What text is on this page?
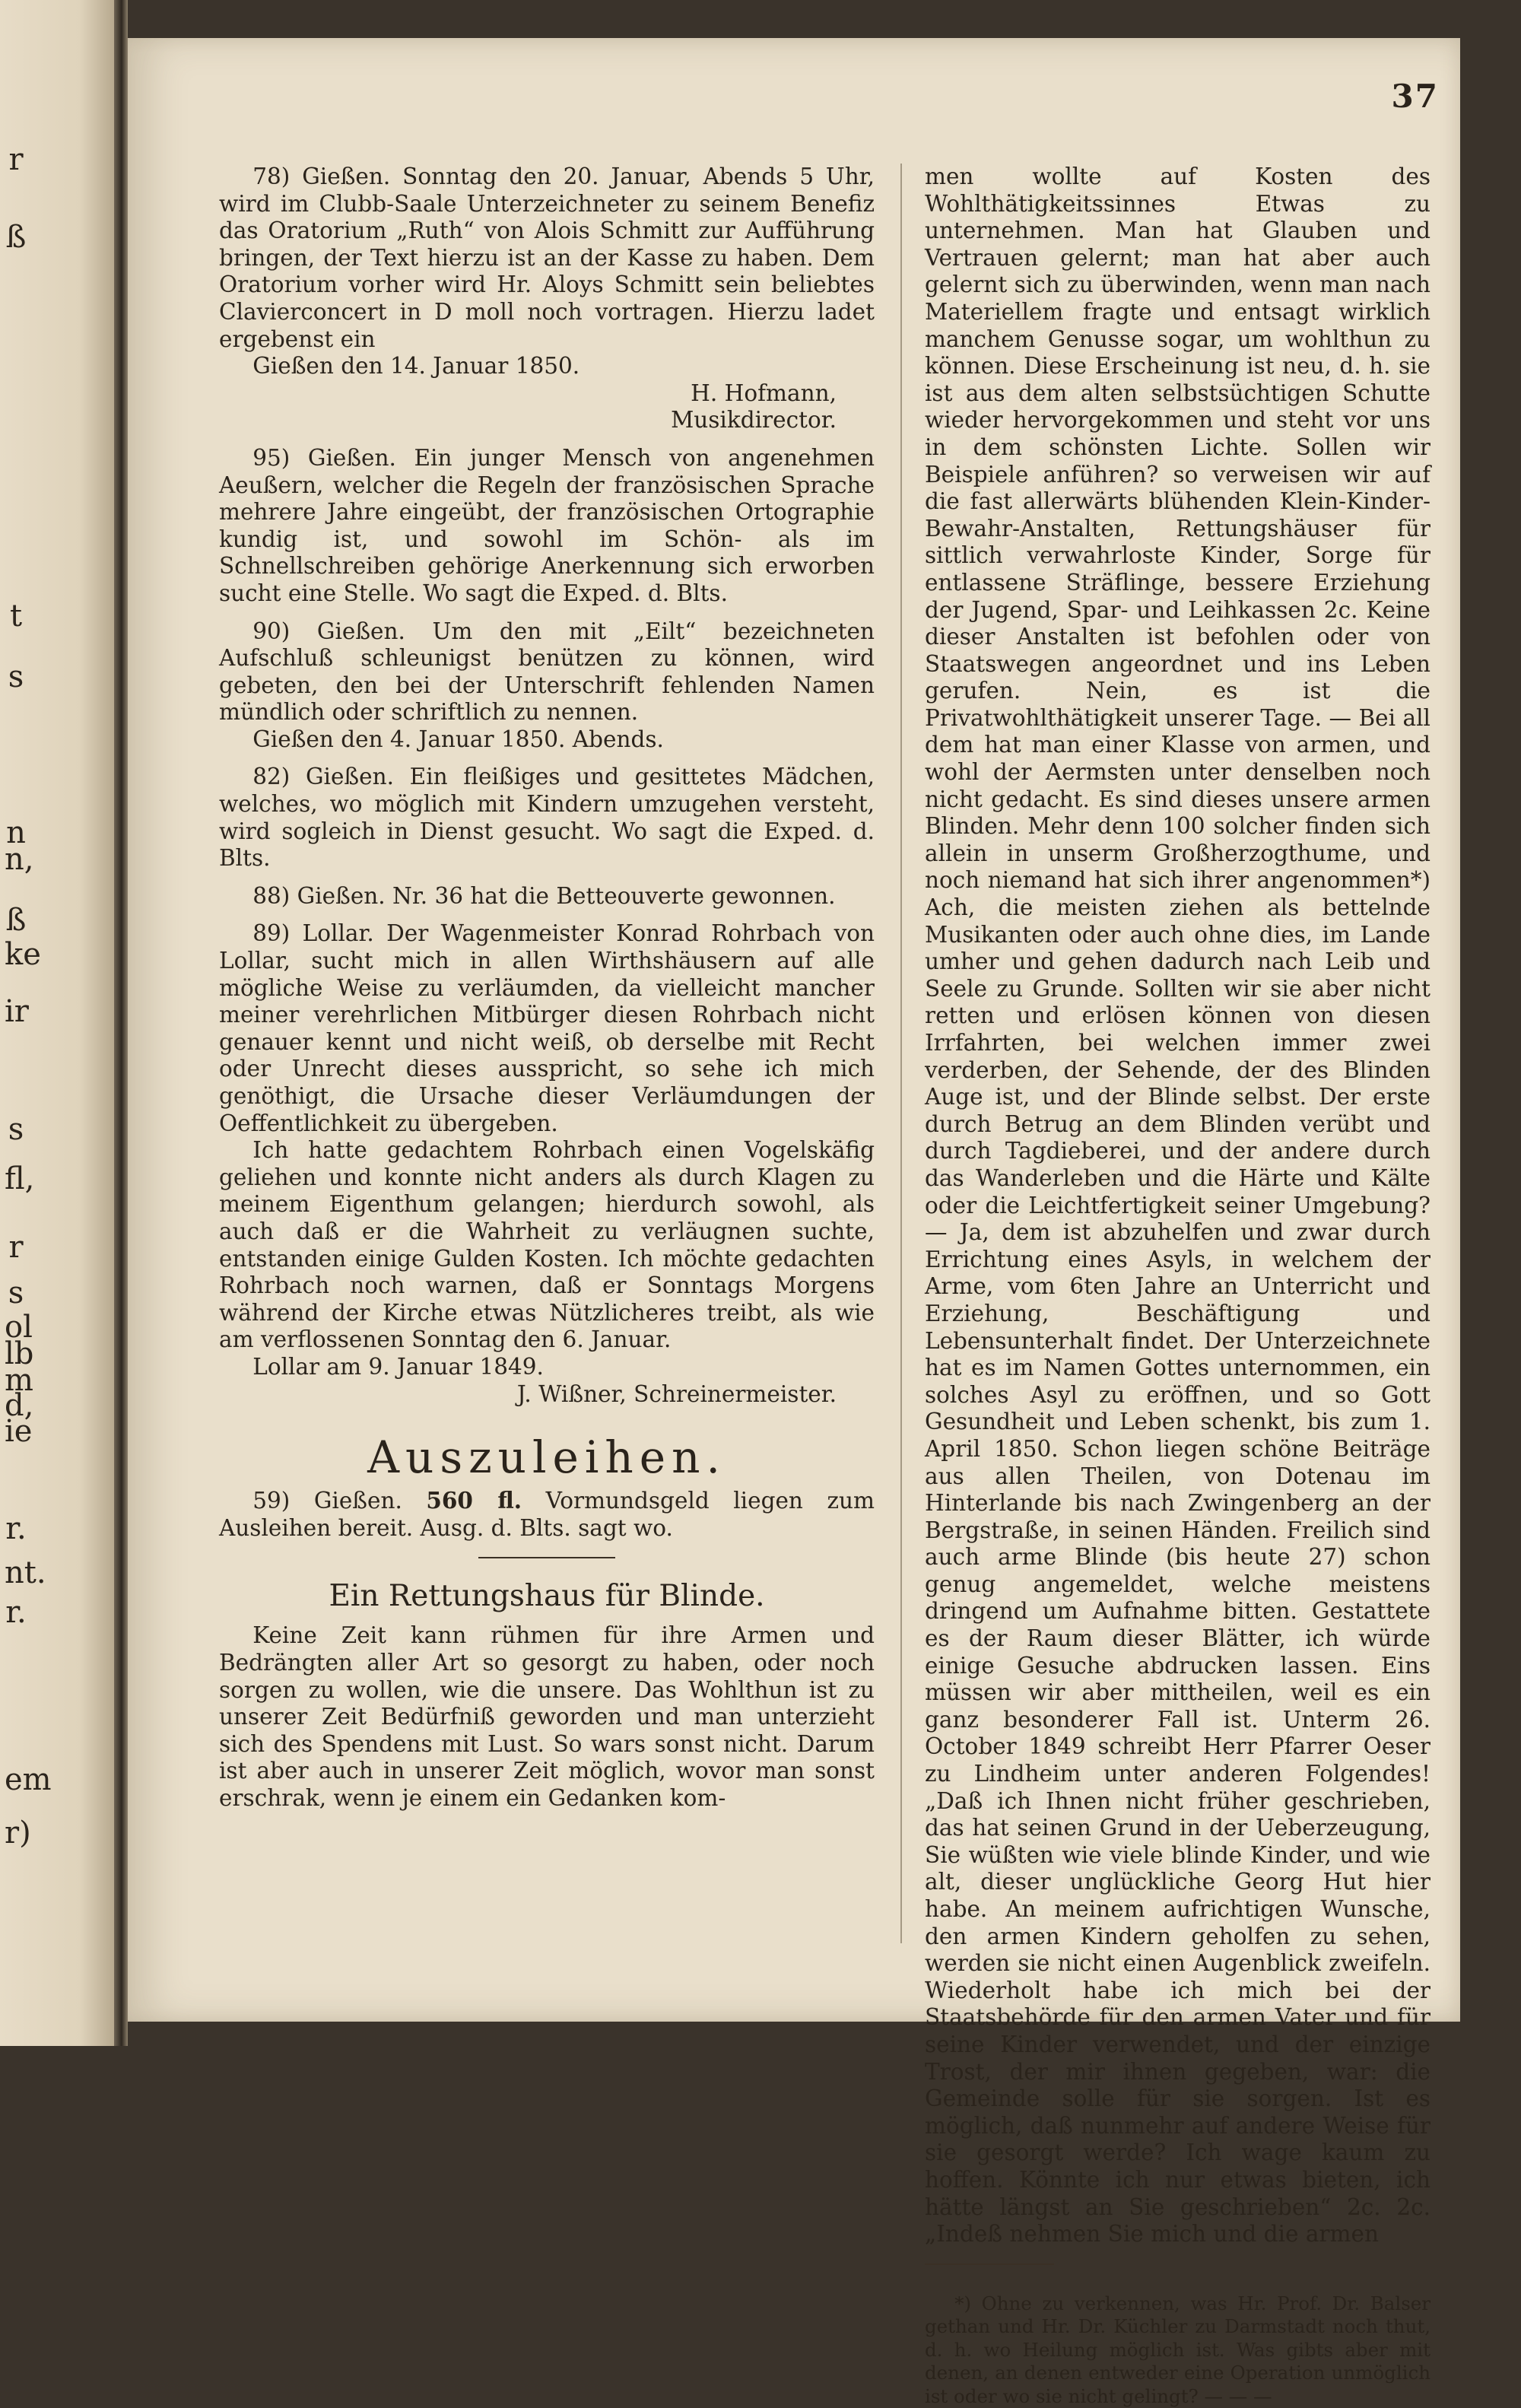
r
ß
t
s
n
n,
ß
ke
ir
s
fl,
r
s
ol
lb
m
d,
ie
r.
nt.
r.
em
r)
37

78) Gießen. Sonntag den 20. Januar, Abends 5 Uhr, wird im Clubb-Saale Unterzeichneter zu seinem Benefiz das Oratorium „Ruth“ von Alois Schmitt zur Aufführung bringen, der Text hierzu ist an der Kasse zu haben. Dem Oratorium vorher wird Hr. Aloys Schmitt sein beliebtes Clavierconcert in D moll noch vortragen. Hierzu ladet ergebenst ein

Gießen den 14. Januar 1850.

H. Hofmann,

Musikdirector.

95) Gießen. Ein junger Mensch von angenehmen Aeußern, welcher die Regeln der französischen Sprache mehrere Jahre eingeübt, der französischen Ortographie kundig ist, und sowohl im Schön- als im Schnellschreiben gehörige Anerkennung sich erworben sucht eine Stelle. Wo sagt die Exped. d. Blts.

90) Gießen. Um den mit „Eilt“ bezeichneten Aufschluß schleunigst benützen zu können, wird gebeten, den bei der Unterschrift fehlenden Namen mündlich oder schriftlich zu nennen.

Gießen den 4. Januar 1850. Abends.

82) Gießen. Ein fleißiges und gesittetes Mädchen, welches, wo möglich mit Kindern umzugehen versteht, wird sogleich in Dienst gesucht. Wo sagt die Exped. d. Blts.

88) Gießen. Nr. 36 hat die Betteouverte gewonnen.

89) Lollar. Der Wagenmeister Konrad Rohrbach von Lollar, sucht mich in allen Wirthshäusern auf alle mögliche Weise zu verläumden, da vielleicht mancher meiner verehrlichen Mitbürger diesen Rohrbach nicht genauer kennt und nicht weiß, ob derselbe mit Recht oder Unrecht dieses ausspricht, so sehe ich mich genöthigt, die Ursache dieser Verläumdungen der Oeffentlichkeit zu übergeben.

Ich hatte gedachtem Rohrbach einen Vogelskäfig geliehen und konnte nicht anders als durch Klagen zu meinem Eigenthum gelangen; hierdurch sowohl, als auch daß er die Wahrheit zu verläugnen suchte, entstanden einige Gulden Kosten. Ich möchte gedachten Rohrbach noch warnen, daß er Sonntags Morgens während der Kirche etwas Nützlicheres treibt, als wie am verflossenen Sonntag den 6. Januar.

Lollar am 9. Januar 1849.

J. Wißner, Schreinermeister.

Auszuleihen.

59) Gießen. 560 fl. Vormundsgeld liegen zum Ausleihen bereit. Ausg. d. Blts. sagt wo.

Ein Rettungshaus für Blinde.

Keine Zeit kann rühmen für ihre Armen und Bedrängten aller Art so gesorgt zu haben, oder noch sorgen zu wollen, wie die unsere. Das Wohlthun ist zu unserer Zeit Bedürfniß geworden und man unterzieht sich des Spendens mit Lust. So wars sonst nicht. Darum ist aber auch in unserer Zeit möglich, wovor man sonst erschrak, wenn je einem ein Gedanken kom-

men wollte auf Kosten des Wohlthätigkeitssinnes Etwas zu unternehmen. Man hat Glauben und Vertrauen gelernt; man hat aber auch gelernt sich zu überwinden, wenn man nach Materiellem fragte und entsagt wirklich manchem Genusse sogar, um wohlthun zu können. Diese Erscheinung ist neu, d. h. sie ist aus dem alten selbstsüchtigen Schutte wieder hervorgekommen und steht vor uns in dem schönsten Lichte. Sollen wir Beispiele anführen? so verweisen wir auf die fast allerwärts blühenden Klein-Kinder-Bewahr-Anstalten, Rettungshäuser für sittlich verwahrloste Kinder, Sorge für entlassene Sträflinge, bessere Erziehung der Jugend, Spar- und Leihkassen 2c. Keine dieser Anstalten ist befohlen oder von Staatswegen angeordnet und ins Leben gerufen. Nein, es ist die Privatwohlthätigkeit unserer Tage. — Bei all dem hat man einer Klasse von armen, und wohl der Aermsten unter denselben noch nicht gedacht. Es sind dieses unsere armen Blinden. Mehr denn 100 solcher finden sich allein in unserm Großherzogthume, und noch niemand hat sich ihrer angenommen*) Ach, die meisten ziehen als bettelnde Musikanten oder auch ohne dies, im Lande umher und gehen dadurch nach Leib und Seele zu Grunde. Sollten wir sie aber nicht retten und erlösen können von diesen Irrfahrten, bei welchen immer zwei verderben, der Sehende, der des Blinden Auge ist, und der Blinde selbst. Der erste durch Betrug an dem Blinden verübt und durch Tagdieberei, und der andere durch das Wanderleben und die Härte und Kälte oder die Leichtfertigkeit seiner Umgebung? — Ja, dem ist abzuhelfen und zwar durch Errichtung eines Asyls, in welchem der Arme, vom 6ten Jahre an Unterricht und Erziehung, Beschäftigung und Lebensunterhalt findet. Der Unterzeichnete hat es im Namen Gottes unternommen, ein solches Asyl zu eröffnen, und so Gott Gesundheit und Leben schenkt, bis zum 1. April 1850. Schon liegen schöne Beiträge aus allen Theilen, von Dotenau im Hinterlande bis nach Zwingenberg an der Bergstraße, in seinen Händen. Freilich sind auch arme Blinde (bis heute 27) schon genug angemeldet, welche meistens dringend um Aufnahme bitten. Gestattete es der Raum dieser Blätter, ich würde einige Gesuche abdrucken lassen. Eins müssen wir aber mittheilen, weil es ein ganz besonderer Fall ist. Unterm 26. October 1849 schreibt Herr Pfarrer Oeser zu Lindheim unter anderen Folgendes! „Daß ich Ihnen nicht früher geschrieben, das hat seinen Grund in der Ueberzeugung, Sie wüßten wie viele blinde Kinder, und wie alt, dieser unglückliche Georg Hut hier habe. An meinem aufrichtigen Wunsche, den armen Kindern geholfen zu sehen, werden sie nicht einen Augenblick zweifeln. Wiederholt habe ich mich bei der Staatsbehörde für den armen Vater und für seine Kinder verwendet, und der einzige Trost, der mir ihnen gegeben, war: die Gemeinde solle für sie sorgen. Ist es möglich, daß nunmehr auf andere Weise für sie gesorgt werde? Ich wage kaum zu hoffen. Könnte ich nur etwas bieten, ich hätte längst an Sie geschrieben“ 2c. 2c. „Indeß nehmen Sie mich und die armen

*) Ohne zu verkennen, was Hr. Prof. Dr. Balser gethan und Hr. Dr. Küchler zu Darmstadt noch thut, d. h. wo Heilung möglich ist. Was gibts aber mit denen, an denen entweder eine Operation unmöglich ist oder wo sie nicht gelingt? — — —
